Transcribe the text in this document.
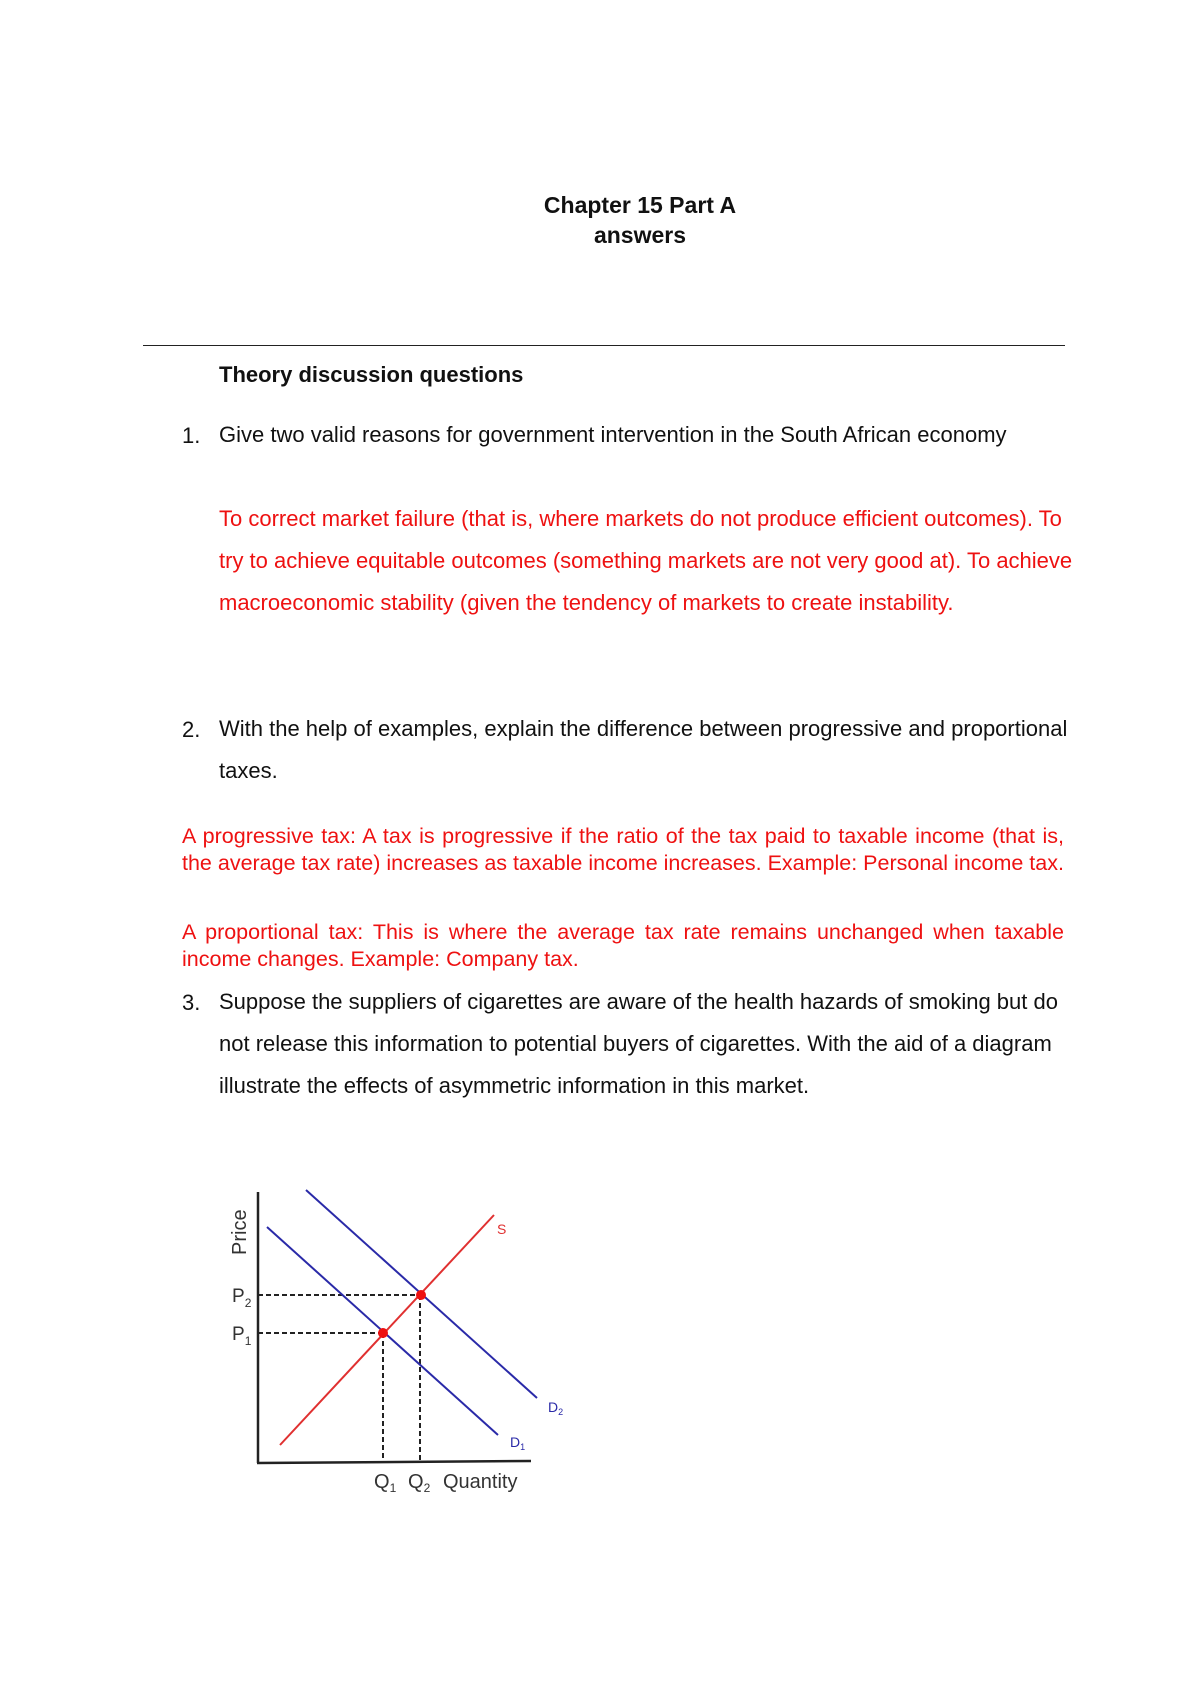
Chapter 15 Part A
answers
Theory discussion questions
1. Give two valid reasons for government intervention in the South African economy
To correct market failure (that is, where markets do not produce efficient outcomes). To try to achieve equitable outcomes (something markets are not very good at). To achieve macroeconomic stability (given the tendency of markets to create instability.
2. With the help of examples, explain the difference between progressive and proportional taxes.
A progressive tax: A tax is progressive if the ratio of the tax paid to taxable income (that is, the average tax rate) increases as taxable income increases. Example: Personal income tax.
A proportional tax: This is where the average tax rate remains unchanged when taxable income changes. Example: Company tax.
3. Suppose the suppliers of cigarettes are aware of the health hazards of smoking but do not release this information to potential buyers of cigarettes. With the aid of a diagram illustrate the effects of asymmetric information in this market.
Price
Quantity
$P_2$
$P_1$
$Q_1$ $Q_2$
S
$D_2$
$D_1$
